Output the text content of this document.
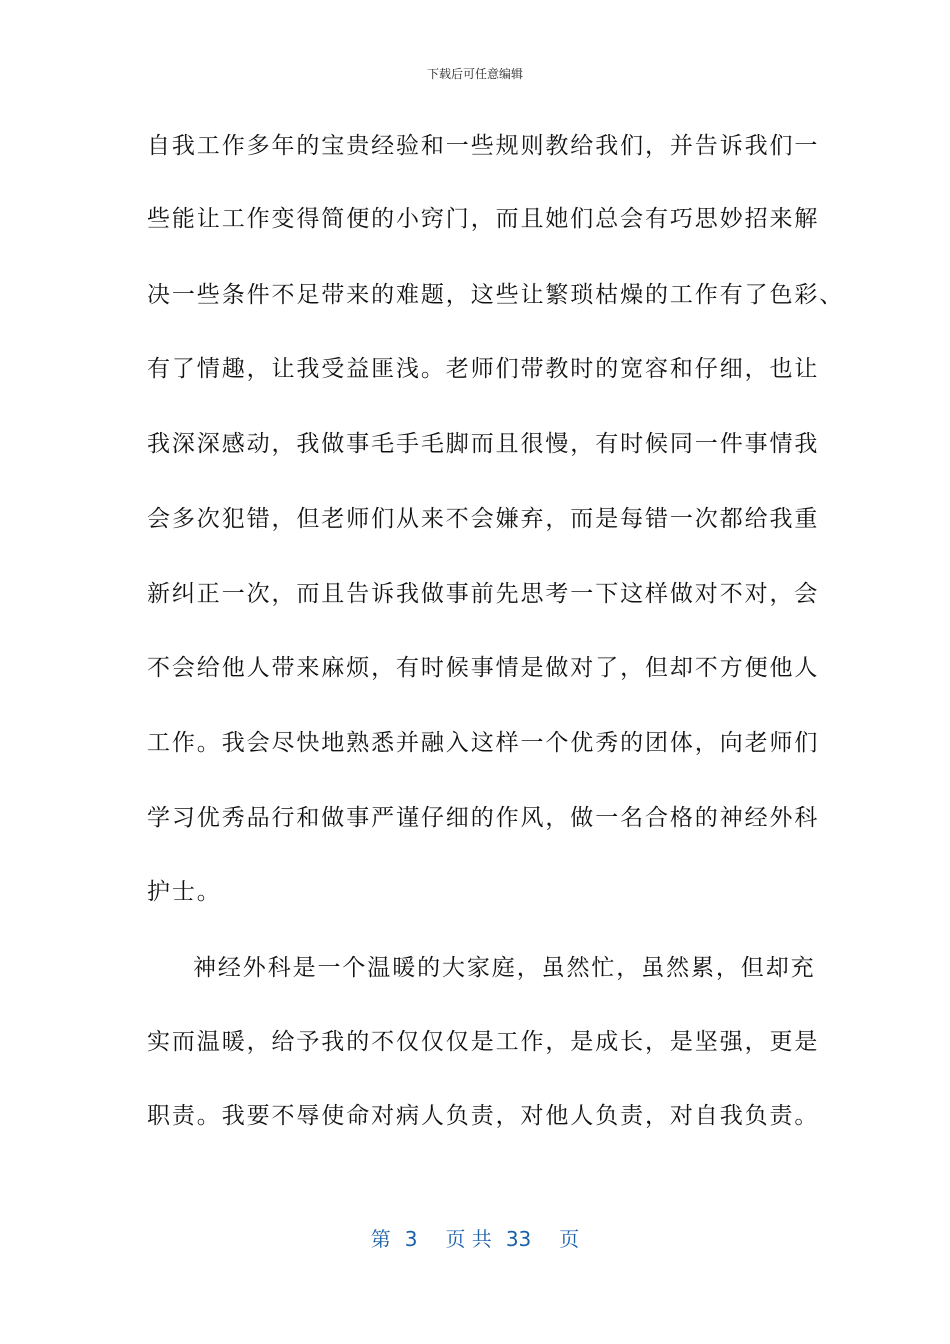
下载后可任意编辑
自我工作多年的宝贵经验和一些规则教给我们，并告诉我们一
些能让工作变得简便的小窍门，而且她们总会有巧思妙招来解
决一些条件不足带来的难题，这些让繁琐枯燥的工作有了色彩、
有了情趣，让我受益匪浅。老师们带教时的宽容和仔细，也让
我深深感动，我做事毛手毛脚而且很慢，有时候同一件事情我
会多次犯错，但老师们从来不会嫌弃，而是每错一次都给我重
新纠正一次，而且告诉我做事前先思考一下这样做对不对，会
不会给他人带来麻烦，有时候事情是做对了，但却不方便他人
工作。我会尽快地熟悉并融入这样一个优秀的团体，向老师们
学习优秀品行和做事严谨仔细的作风，做一名合格的神经外科
护士。
神经外科是一个温暖的大家庭，虽然忙，虽然累，但却充
实而温暖，给予我的不仅仅仅是工作，是成长，是坚强，更是
职责。我要不辱使命对病人负责，对他人负责，对自我负责。
第 3 页 共 33 页
